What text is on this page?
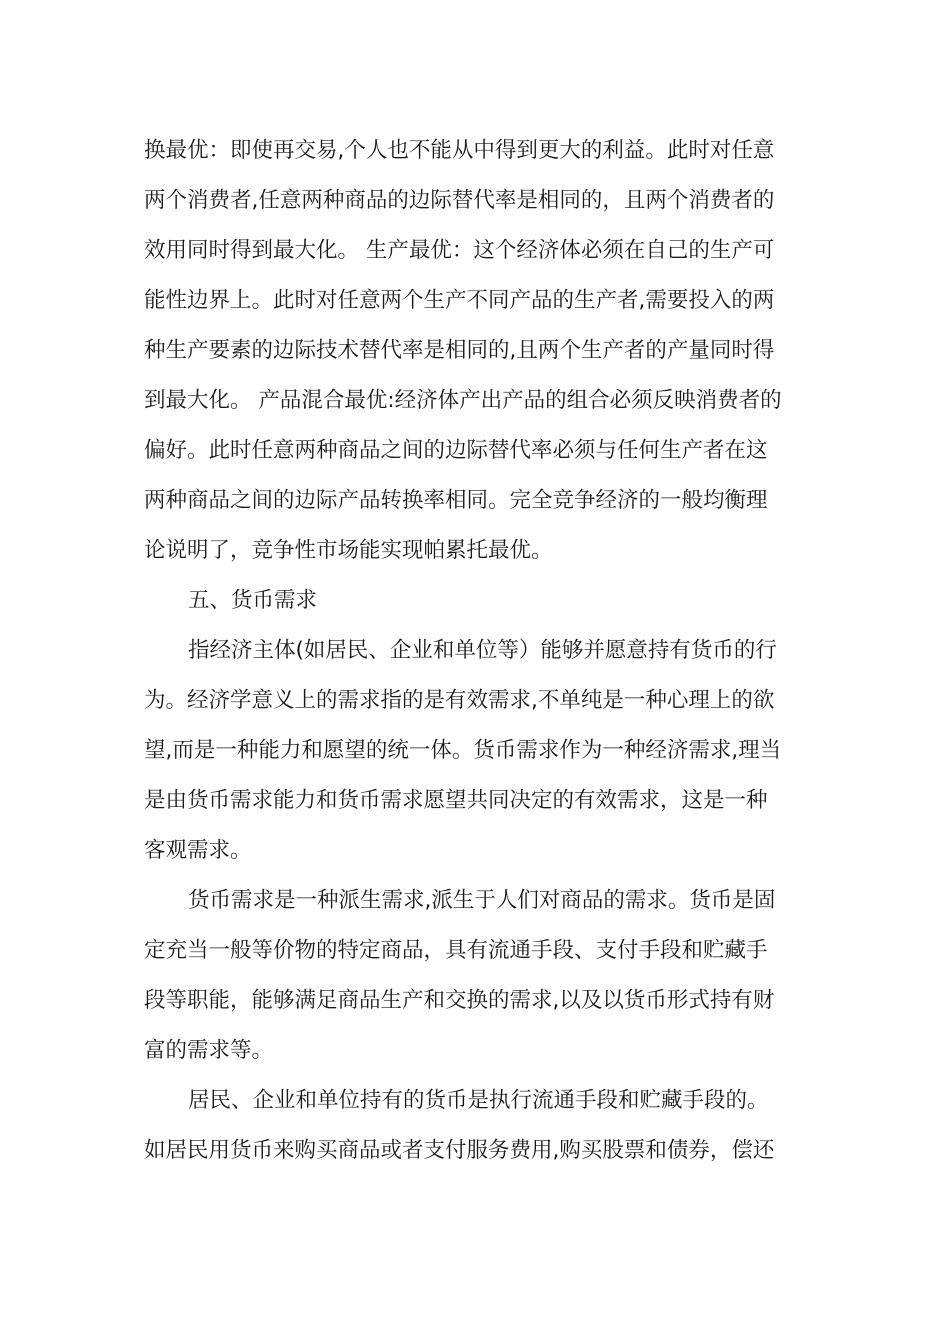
换最优：即使再交易,个人也不能从中得到更大的利益。此时对任意
两个消费者,任意两种商品的边际替代率是相同的，且两个消费者的
效用同时得到最大化。 生产最优：这个经济体必须在自己的生产可
能性边界上。此时对任意两个生产不同产品的生产者,需要投入的两
种生产要素的边际技术替代率是相同的,且两个生产者的产量同时得
到最大化。 产品混合最优:经济体产出产品的组合必须反映消费者的
偏好。此时任意两种商品之间的边际替代率必须与任何生产者在这
两种商品之间的边际产品转换率相同。完全竞争经济的一般均衡理
论说明了，竞争性市场能实现帕累托最优。
五、货币需求
指经济主体(如居民、企业和单位等）能够并愿意持有货币的行
为。经济学意义上的需求指的是有效需求,不单纯是一种心理上的欲
望,而是一种能力和愿望的统一体。货币需求作为一种经济需求,理当
是由货币需求能力和货币需求愿望共同决定的有效需求，这是一种
客观需求。
货币需求是一种派生需求,派生于人们对商品的需求。货币是固
定充当一般等价物的特定商品，具有流通手段、支付手段和贮藏手
段等职能，能够满足商品生产和交换的需求,以及以货币形式持有财
富的需求等。
居民、企业和单位持有的货币是执行流通手段和贮藏手段的。
如居民用货币来购买商品或者支付服务费用,购买股票和债券，偿还
